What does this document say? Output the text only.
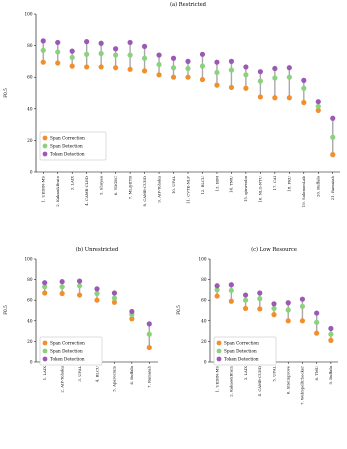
(a) Restricted
F0.5
0
20
40
60
80
100
1. UEDIN-MS 2. Kakao&Brain 3. LAIX 4. CAMB-CLED 5. Shuyao 6. YDGEC 7. ML@IITB 8. CAMB-CUED 9. AIP-Tohoku 10. UFAL 11. CVTE-NLP 12. BLCU 13. IBM 14. TMU 15. qiuwenbo 16. NLG-NTU 17. CAI 18. PKU 19. SolomonLab 20. Buffalo 21. Ramaiah
Span Correction
Span Detection
Token Detection
(b) Unrestricted
F0.5
0
20
40
60
80
100
1. LAIX	2. AIP-Tohoku	3. UFAL	4. BLCU	5. Aparecium	6. Buffalo	7. Ramaiah
Span Correction
Span Detection
Token Detection
(c) Low Resource
F0.5
0
20
40
60
80
100
1. UEDIN-MS 2. Kakao&Brain 3. LAIX 4. CAMB-CUED 5. UFAL 6. Siteimprove 7. WebSpellChecker 8. TMU 9. Buffalo
Span Correction
Span Detection
Token Detection
